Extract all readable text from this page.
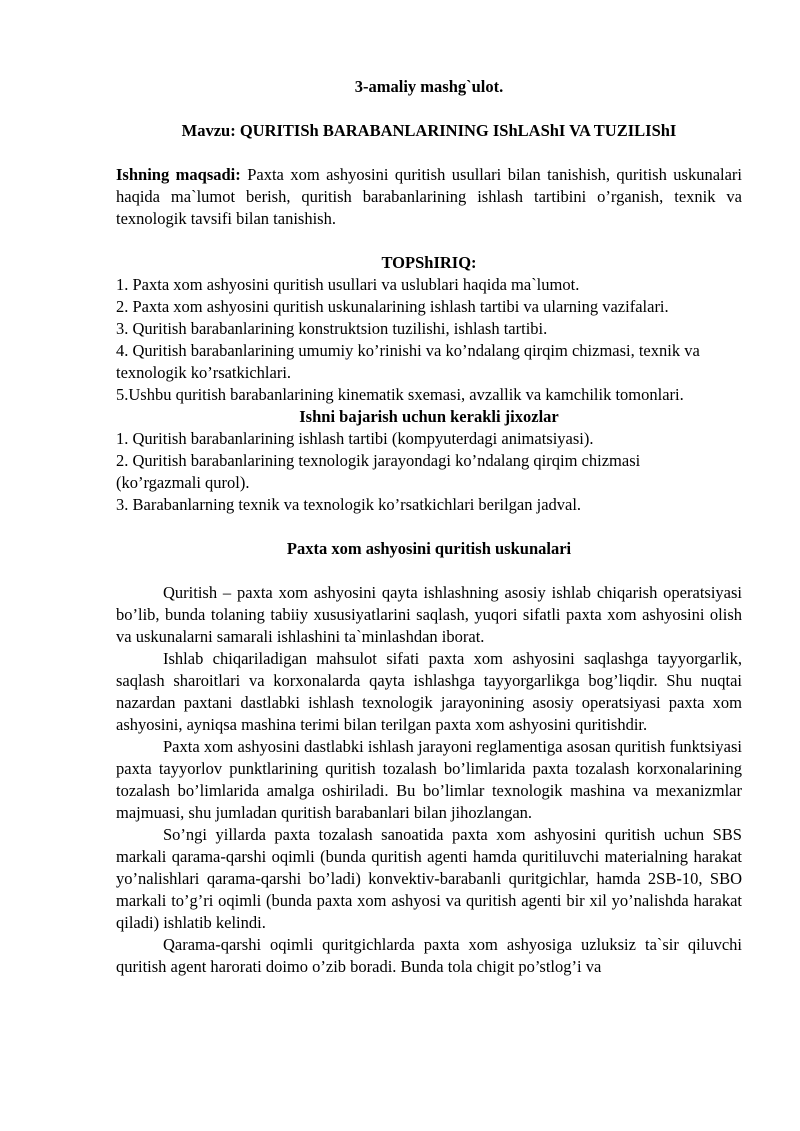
3-amaliy mashg`ulot.

Mavzu: QURITISh BARABANLARINING IShLAShI VA TUZILIShI

Ishning maqsadi: Paxta xom ashyosini quritish usullari bilan tanishish, quritish uskunalari haqida ma`lumot berish, quritish barabanlarining ishlash tartibini o’rganish, texnik va texnologik tavsifi bilan tanishish.

TOPShIRIQ:

1. Paxta xom ashyosini quritish usullari va uslublari haqida ma`lumot.

2. Paxta xom ashyosini quritish uskunalarining ishlash tartibi va ularning vazifalari.

3. Quritish barabanlarining konstruktsion tuzilishi, ishlash tartibi.

4. Quritish barabanlarining umumiy ko’rinishi va ko’ndalang qirqim chizmasi, texnik va texnologik ko’rsatkichlari.

5.Ushbu quritish barabanlarining kinematik sxemasi, avzallik va kamchilik tomonlari.

Ishni bajarish uchun kerakli jixozlar

1. Quritish barabanlarining ishlash tartibi (kompyuterdagi animatsiyasi).

2. Quritish barabanlarining texnologik jarayondagi ko’ndalang qirqim chizmasi (ko’rgazmali qurol).

3. Barabanlarning texnik va texnologik ko’rsatkichlari berilgan jadval.

Paxta xom ashyosini quritish uskunalari

Quritish – paxta xom ashyosini qayta ishlashning asosiy ishlab chiqarish operatsiyasi bo’lib, bunda tolaning tabiiy xususiyatlarini saqlash, yuqori sifatli paxta xom ashyosini olish va uskunalarni samarali ishlashini ta`minlashdan iborat.

Ishlab chiqariladigan mahsulot sifati paxta xom ashyosini saqlashga tayyorgarlik, saqlash sharoitlari va korxonalarda qayta ishlashga tayyorgarlikga bog’liqdir. Shu nuqtai nazardan paxtani dastlabki ishlash texnologik jarayonining asosiy operatsiyasi paxta xom ashyosini, ayniqsa mashina terimi bilan terilgan paxta xom ashyosini quritishdir.

Paxta xom ashyosini dastlabki ishlash jarayoni reglamentiga asosan quritish funktsiyasi paxta tayyorlov punktlarining quritish tozalash bo’limlarida paxta tozalash korxonalarining tozalash bo’limlarida amalga oshiriladi. Bu bo’limlar texnologik mashina va mexanizmlar majmuasi, shu jumladan quritish barabanlari bilan jihozlangan.

So’ngi yillarda paxta tozalash sanoatida paxta xom ashyosini quritish uchun SBS markali qarama-qarshi oqimli (bunda quritish agenti hamda quritiluvchi materialning harakat yo’nalishlari qarama-qarshi bo’ladi) konvektiv-barabanli quritgichlar, hamda 2SB-10, SBO markali to’g’ri oqimli (bunda paxta xom ashyosi va quritish agenti bir xil yo’nalishda harakat qiladi) ishlatib kelindi.

Qarama-qarshi oqimli quritgichlarda paxta xom ashyosiga uzluksiz ta`sir qiluvchi quritish agent harorati doimo o’zib boradi. Bunda tola chigit po’stlog’i va
